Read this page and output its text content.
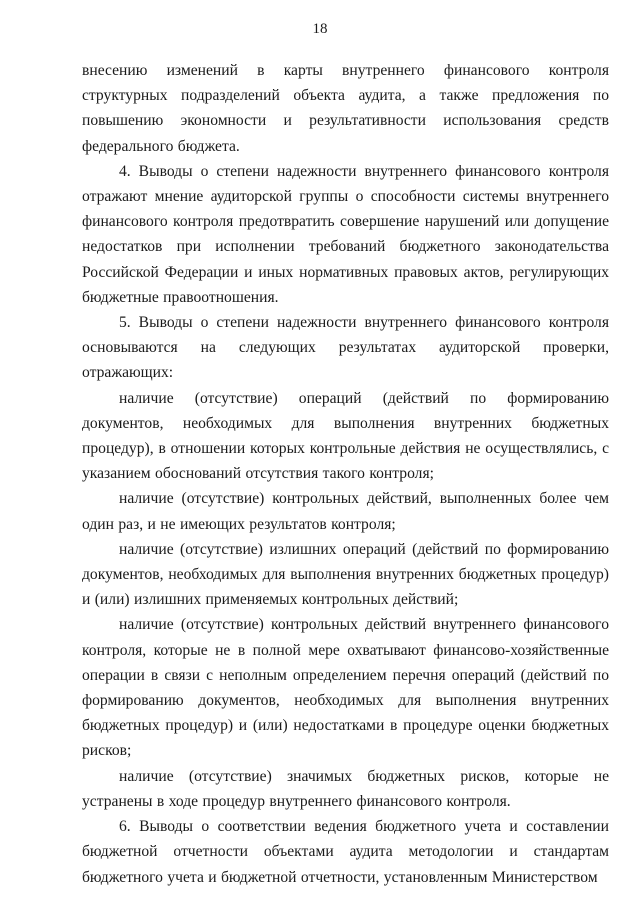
18

внесению изменений в карты внутреннего финансового контроля структурных подразделений объекта аудита, а также предложения по повышению экономности и результативности использования средств федерального бюджета.

4. Выводы о степени надежности внутреннего финансового контроля отражают мнение аудиторской группы о способности системы внутреннего финансового контроля предотвратить совершение нарушений или допущение недостатков при исполнении требований бюджетного законодательства Российской Федерации и иных нормативных правовых актов, регулирующих бюджетные правоотношения.

5. Выводы о степени надежности внутреннего финансового контроля основываются на следующих результатах аудиторской проверки, отражающих:

наличие (отсутствие) операций (действий по формированию документов, необходимых для выполнения внутренних бюджетных процедур), в отношении которых контрольные действия не осуществлялись, с указанием обоснований отсутствия такого контроля;

наличие (отсутствие) контрольных действий, выполненных более чем один раз, и не имеющих результатов контроля;

наличие (отсутствие) излишних операций (действий по формированию документов, необходимых для выполнения внутренних бюджетных процедур) и (или) излишних применяемых контрольных действий;

наличие (отсутствие) контрольных действий внутреннего финансового контроля, которые не в полной мере охватывают финансово-хозяйственные операции в связи с неполным определением перечня операций (действий по формированию документов, необходимых для выполнения внутренних бюджетных процедур) и (или) недостатками в процедуре оценки бюджетных рисков;

наличие (отсутствие) значимых бюджетных рисков, которые не устранены в ходе процедур внутреннего финансового контроля.

6. Выводы о соответствии ведения бюджетного учета и составлении бюджетной отчетности объектами аудита методологии и стандартам бюджетного учета и бюджетной отчетности, установленным Министерством
